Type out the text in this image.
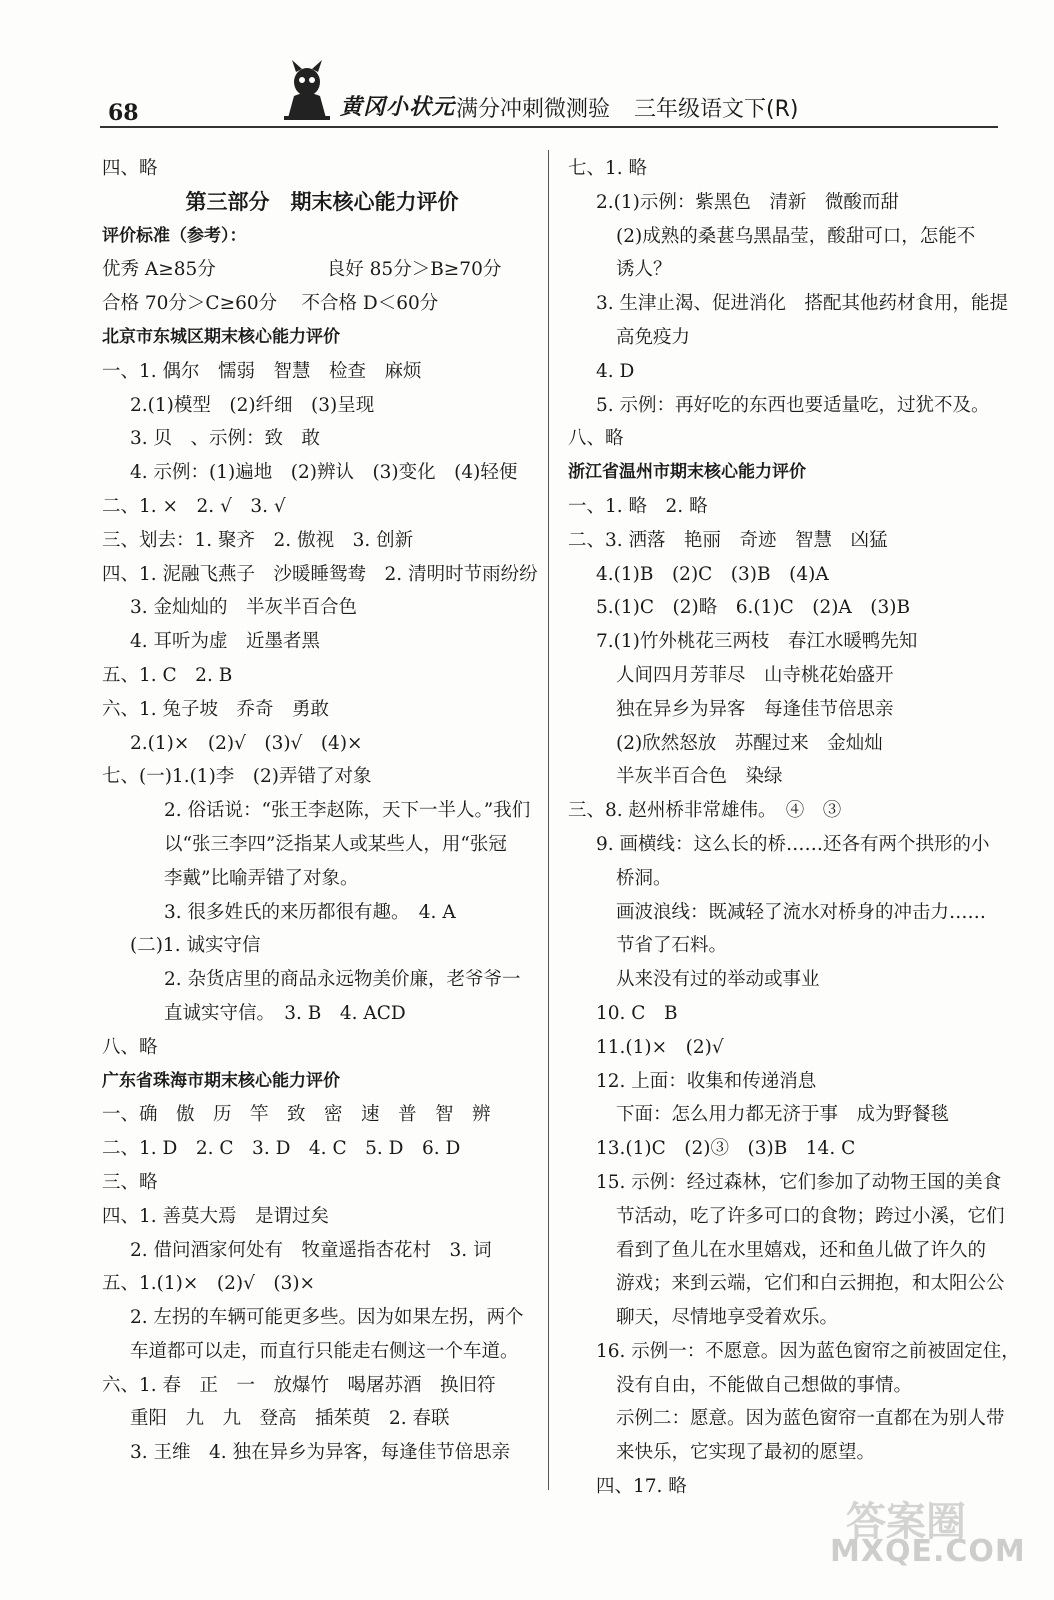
68	黄冈小状元 满分冲刺微测验 三年级语文下(R)
四、略
第三部分　期末核心能力评价
评价标准（参考）：
优秀 A≥85分　　　　　　良好 85分＞B≥70分
合格 70分＞C≥60分　 不合格 D＜60分
北京市东城区期末核心能力评价
一、1. 偶尔　懦弱　智慧　检查　麻烦
2.(1)模型　(2)纤细　(3)呈现
3. 贝　、示例：致　敢
4. 示例：(1)遍地　(2)辨认　(3)变化　(4)轻便
二、1. ×　2. √　3. √
三、划去：1. 聚齐　2. 傲视　3. 创新
四、1. 泥融飞燕子　沙暖睡鸳鸯　2. 清明时节雨纷纷
3. 金灿灿的　半灰半百合色
4. 耳听为虚　近墨者黑
五、1. C　2. B
六、1. 兔子坡　乔奇　勇敢
2.(1)×　(2)√　(3)√　(4)×
七、(一)1.(1)李　(2)弄错了对象
2. 俗话说：“张王李赵陈，天下一半人。”我们
以“张三李四”泛指某人或某些人，用“张冠
李戴”比喻弄错了对象。
3. 很多姓氏的来历都很有趣。　4. A
(二)1. 诚实守信
2. 杂货店里的商品永远物美价廉，老爷爷一
直诚实守信。　3. B　4. ACD
八、略
广东省珠海市期末核心能力评价
一、确　傲　历　竿　致　密　速　普　智　辨
二、1. D　2. C　3. D　4. C　5. D　6. D
三、略
四、1. 善莫大焉　是谓过矣
2. 借问酒家何处有　牧童遥指杏花村　3. 词
五、1.(1)×　(2)√　(3)×
2. 左拐的车辆可能更多些。因为如果左拐，两个
车道都可以走，而直行只能走右侧这一个车道。
六、1. 春　正　一　放爆竹　喝屠苏酒　换旧符
重阳　九　九　登高　插茱萸　2. 春联
3. 王维　4. 独在异乡为异客，每逢佳节倍思亲
七、1. 略
2.(1)示例：紫黑色　清新　微酸而甜
(2)成熟的桑葚乌黑晶莹，酸甜可口，怎能不
诱人？
3. 生津止渴、促进消化　搭配其他药材食用，能提
高免疫力
4. D
5. 示例：再好吃的东西也要适量吃，过犹不及。
八、略
浙江省温州市期末核心能力评价
一、1. 略　2. 略
二、3. 洒落　艳丽　奇迹　智慧　凶猛
4.(1)B　(2)C　(3)B　(4)A
5.(1)C　(2)略　6.(1)C　(2)A　(3)B
7.(1)竹外桃花三两枝　春江水暖鸭先知
人间四月芳菲尽　山寺桃花始盛开
独在异乡为异客　每逢佳节倍思亲
(2)欣然怒放　苏醒过来　金灿灿
半灰半百合色　染绿
三、8. 赵州桥非常雄伟。　④　③
9. 画横线：这么长的桥……还各有两个拱形的小
桥洞。
画波浪线：既减轻了流水对桥身的冲击力……
节省了石料。
从来没有过的举动或事业
10. C　B
11.(1)×　(2)√
12. 上面：收集和传递消息
下面：怎么用力都无济于事　成为野餐毯
13.(1)C　(2)③　(3)B　14. C
15. 示例：经过森林，它们参加了动物王国的美食
节活动，吃了许多可口的食物；跨过小溪，它们
看到了鱼儿在水里嬉戏，还和鱼儿做了许久的
游戏；来到云端，它们和白云拥抱，和太阳公公
聊天，尽情地享受着欢乐。
16. 示例一：不愿意。因为蓝色窗帘之前被固定住，
没有自由，不能做自己想做的事情。
示例二：愿意。因为蓝色窗帘一直都在为别人带
来快乐，它实现了最初的愿望。
四、17. 略
答案圈
MXQE.COM
